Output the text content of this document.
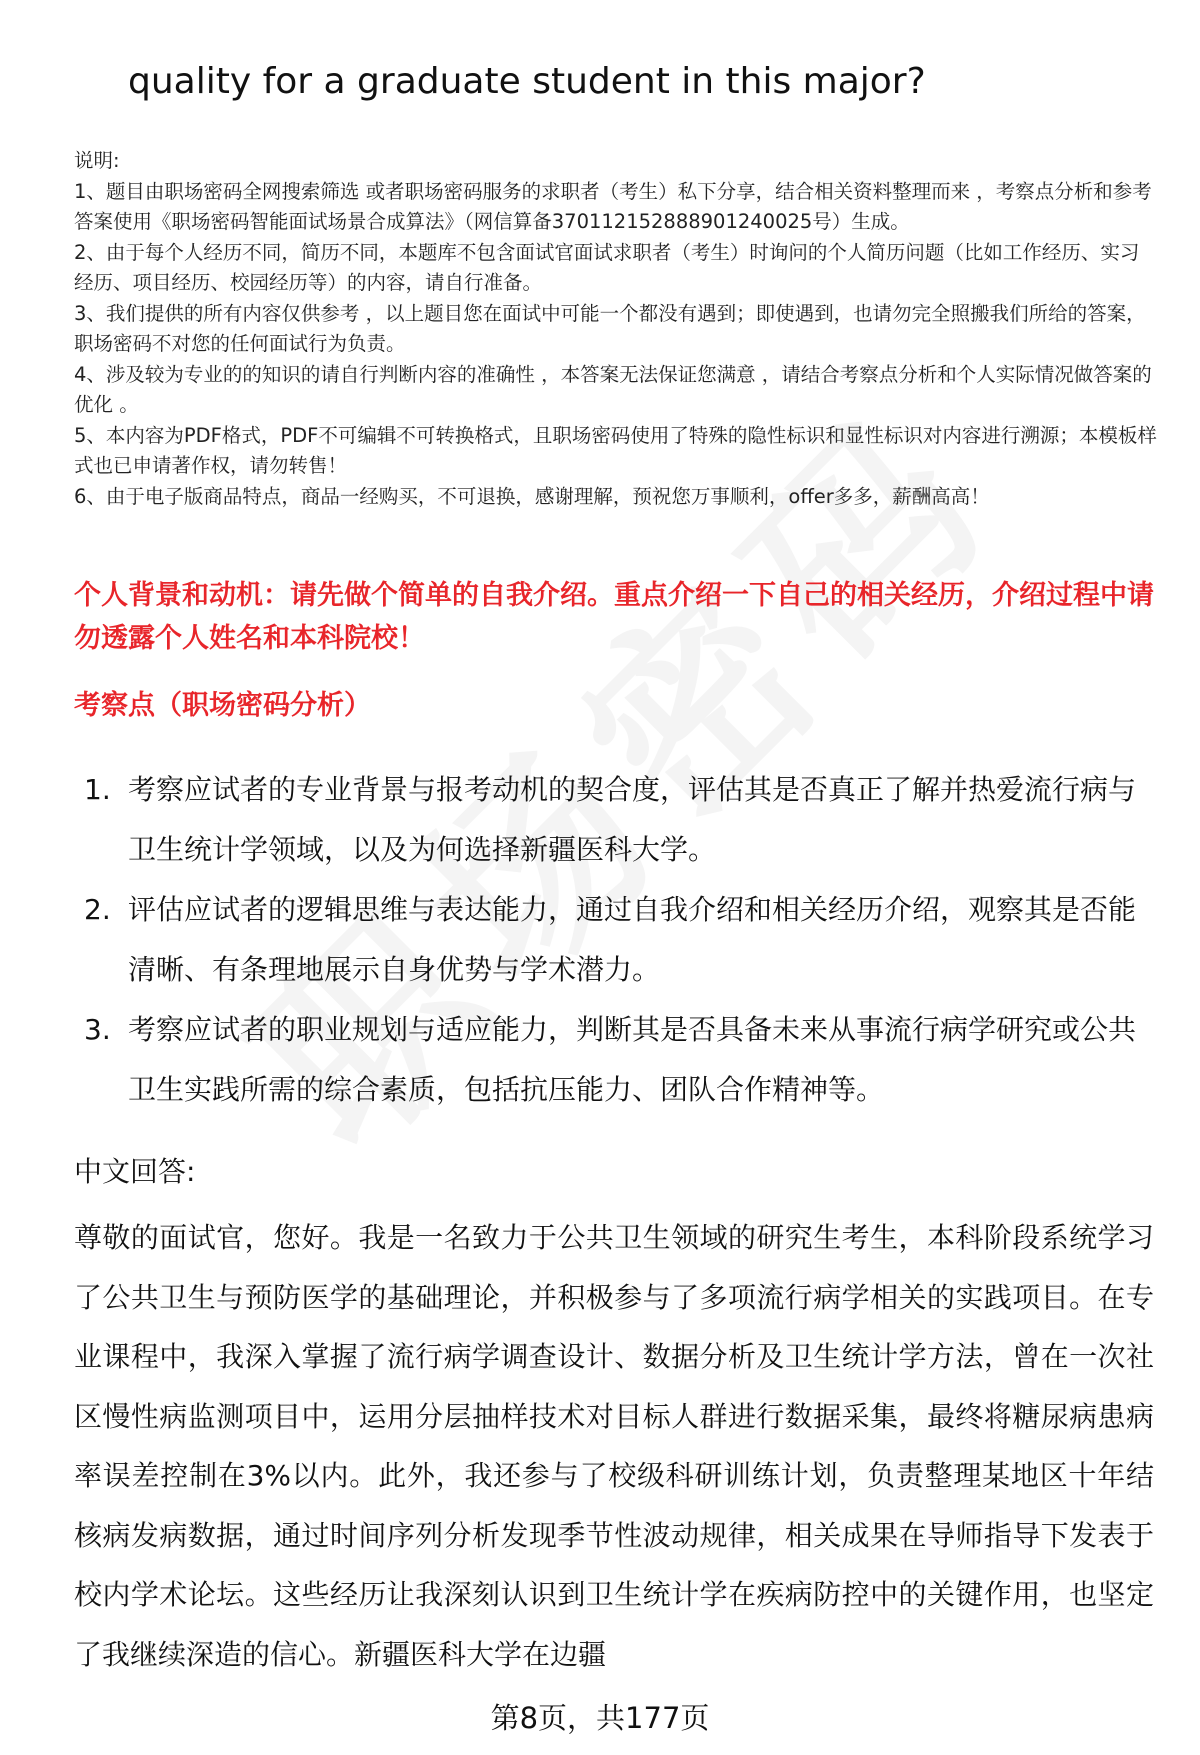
quality for a graduate student in this major?

说明:

1、题目由职场密码全网搜索筛选 或者职场密码服务的求职者（考生）私下分享，结合相关资料整理而来 ，考察点分析和参考答案使用《职场密码智能面试场景合成算法》（网信算备370112152888901240025号）生成。

2、由于每个人经历不同，简历不同，本题库不包含面试官面试求职者（考生）时询问的个人简历问题（比如工作经历、实习经历、项目经历、校园经历等）的内容，请自行准备。

3、我们提供的所有内容仅供参考 ，以上题目您在面试中可能一个都没有遇到；即使遇到，也请勿完全照搬我们所给的答案，职场密码不对您的任何面试行为负责。

4、涉及较为专业的的知识的请自行判断内容的准确性 ，本答案无法保证您满意 ，请结合考察点分析和个人实际情况做答案的优化 。

5、本内容为PDF格式，PDF不可编辑不可转换格式，且职场密码使用了特殊的隐性标识和显性标识对内容进行溯源；本模板样式也已申请著作权，请勿转售！

6、由于电子版商品特点，商品一经购买，不可退换，感谢理解，预祝您万事顺利，offer多多，薪酬高高！

个人背景和动机：请先做个简单的自我介绍。重点介绍一下自己的相关经历，介绍过程中请勿透露个人姓名和本科院校！
考察点（职场密码分析）
1. 考察应试者的专业背景与报考动机的契合度，评估其是否真正了解并热爱流行病与卫生统计学领域，以及为何选择新疆医科大学。
2. 评估应试者的逻辑思维与表达能力，通过自我介绍和相关经历介绍，观察其是否能清晰、有条理地展示自身优势与学术潜力。
3. 考察应试者的职业规划与适应能力，判断其是否具备未来从事流行病学研究或公共卫生实践所需的综合素质，包括抗压能力、团队合作精神等。
中文回答:
尊敬的面试官，您好。我是一名致力于公共卫生领域的研究生考生，本科阶段系统学习了公共卫生与预防医学的基础理论，并积极参与了多项流行病学相关的实践项目。在专业课程中，我深入掌握了流行病学调查设计、数据分析及卫生统计学方法，曾在一次社区慢性病监测项目中，运用分层抽样技术对目标人群进行数据采集，最终将糖尿病患病率误差控制在3%以内。此外，我还参与了校级科研训练计划，负责整理某地区十年结核病发病数据，通过时间序列分析发现季节性波动规律，相关成果在导师指导下发表于校内学术论坛。这些经历让我深刻认识到卫生统计学在疾病防控中的关键作用，也坚定了我继续深造的信心。新疆医科大学在边疆
第8页，共177页
